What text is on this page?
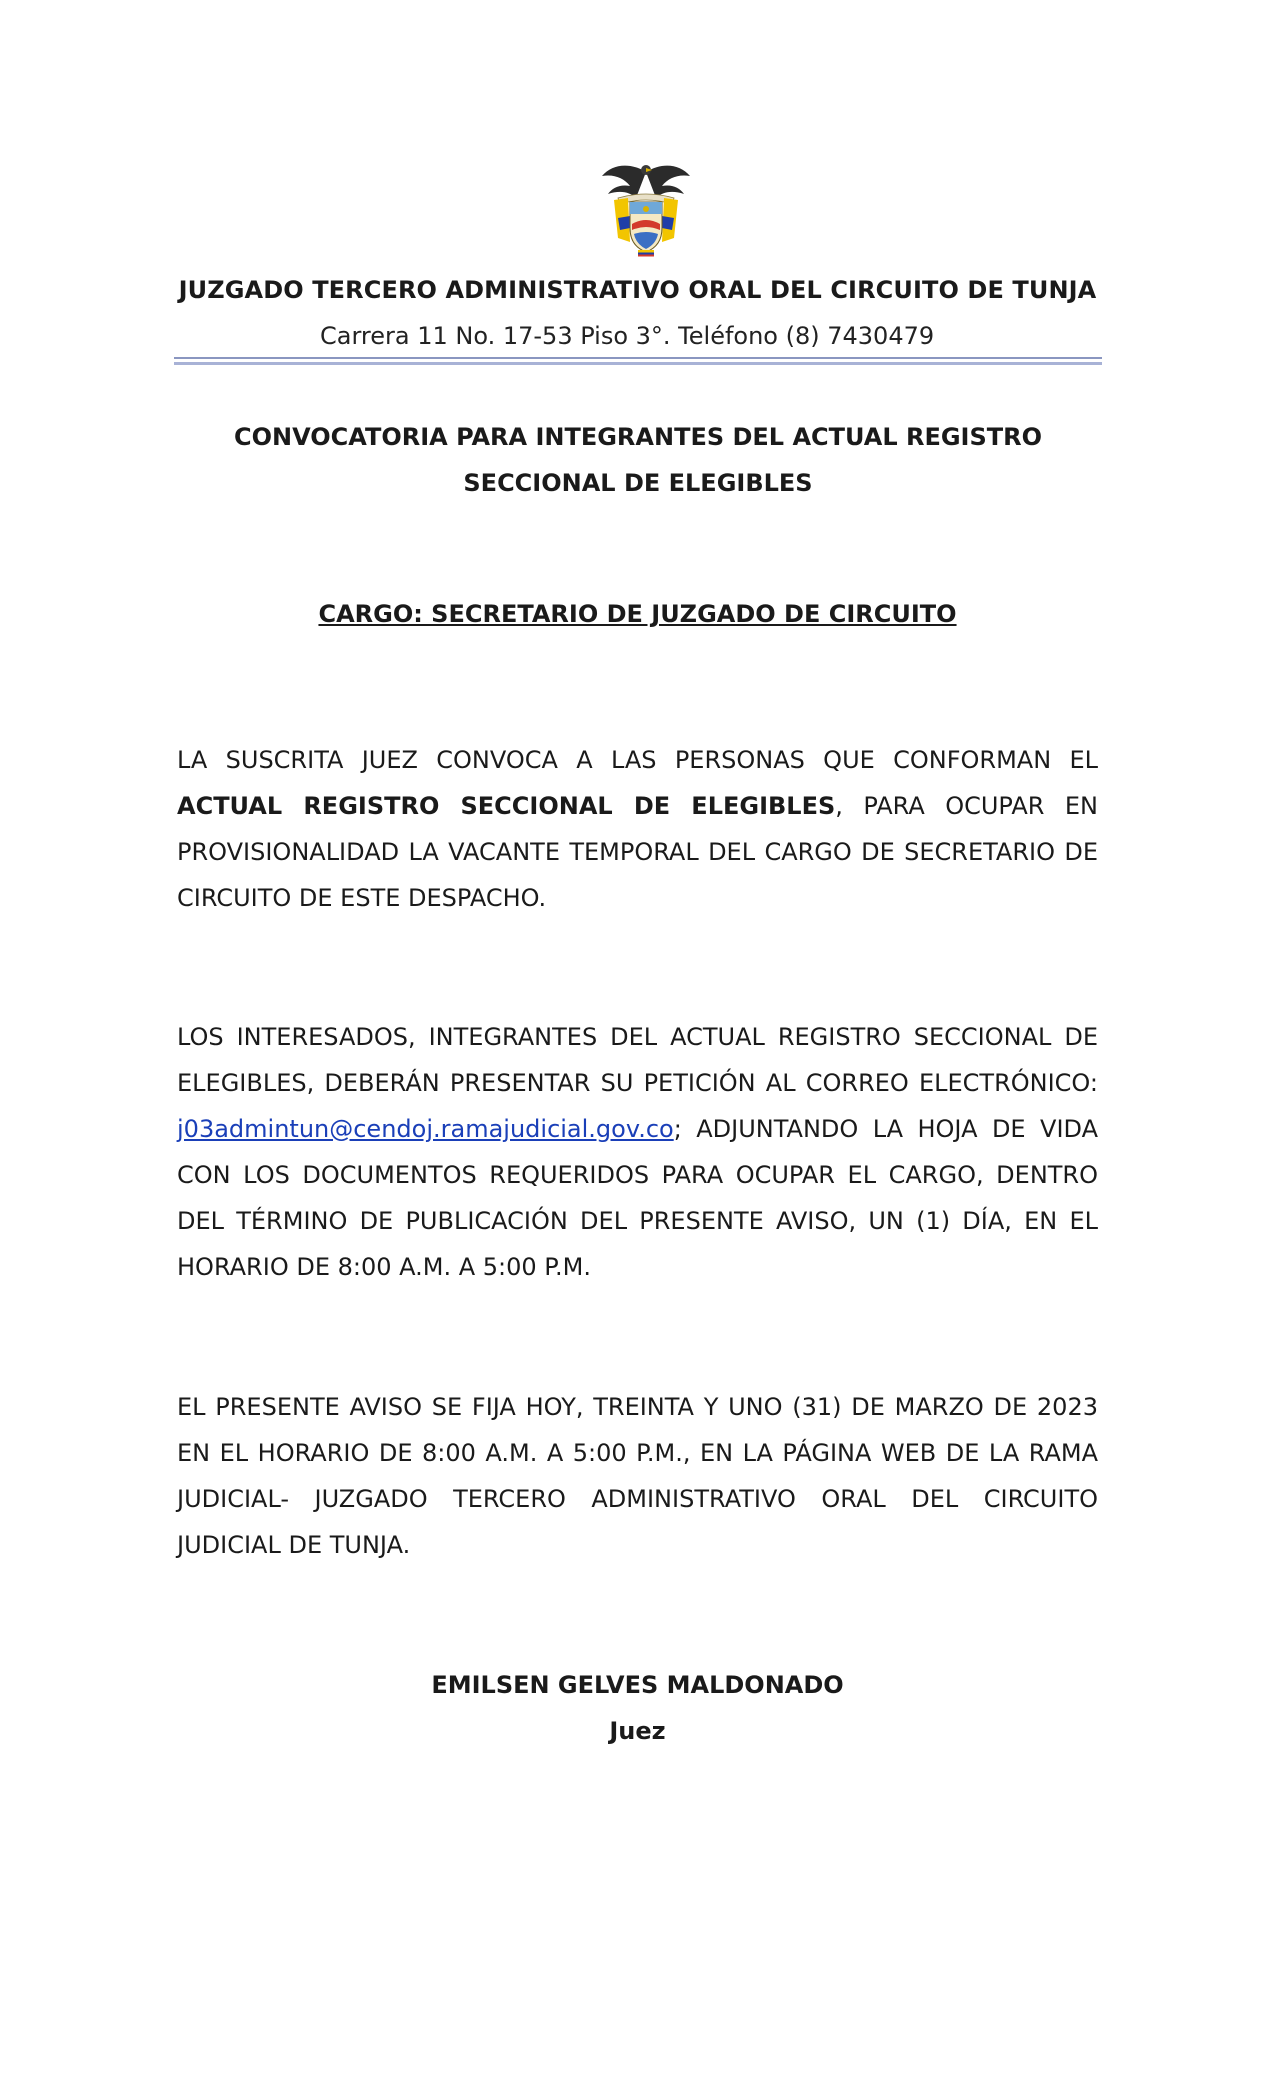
JUZGADO TERCERO ADMINISTRATIVO ORAL DEL CIRCUITO DE TUNJA
Carrera 11 No. 17-53 Piso 3°. Teléfono (8) 7430479
CONVOCATORIA PARA INTEGRANTES DEL ACTUAL REGISTRO SECCIONAL DE ELEGIBLES
CARGO: SECRETARIO DE JUZGADO DE CIRCUITO
LA SUSCRITA JUEZ CONVOCA A LAS PERSONAS QUE CONFORMAN EL ACTUAL REGISTRO SECCIONAL DE ELEGIBLES, PARA OCUPAR EN PROVISIONALIDAD LA VACANTE TEMPORAL DEL CARGO DE SECRETARIO DE CIRCUITO DE ESTE DESPACHO.
LOS INTERESADOS, INTEGRANTES DEL ACTUAL REGISTRO SECCIONAL DE ELEGIBLES, DEBERÁN PRESENTAR SU PETICIÓN AL CORREO ELECTRÓNICO: j03admintun@cendoj.ramajudicial.gov.co; ADJUNTANDO LA HOJA DE VIDA CON LOS DOCUMENTOS REQUERIDOS PARA OCUPAR EL CARGO, DENTRO DEL TÉRMINO DE PUBLICACIÓN DEL PRESENTE AVISO, UN (1) DÍA, EN EL HORARIO DE 8:00 A.M. A 5:00 P.M.
EL PRESENTE AVISO SE FIJA HOY, TREINTA Y UNO (31) DE MARZO DE 2023 EN EL HORARIO DE 8:00 A.M. A 5:00 P.M., EN LA PÁGINA WEB DE LA RAMA JUDICIAL- JUZGADO TERCERO ADMINISTRATIVO ORAL DEL CIRCUITO JUDICIAL DE TUNJA.
EMILSEN GELVES MALDONADO
Juez
